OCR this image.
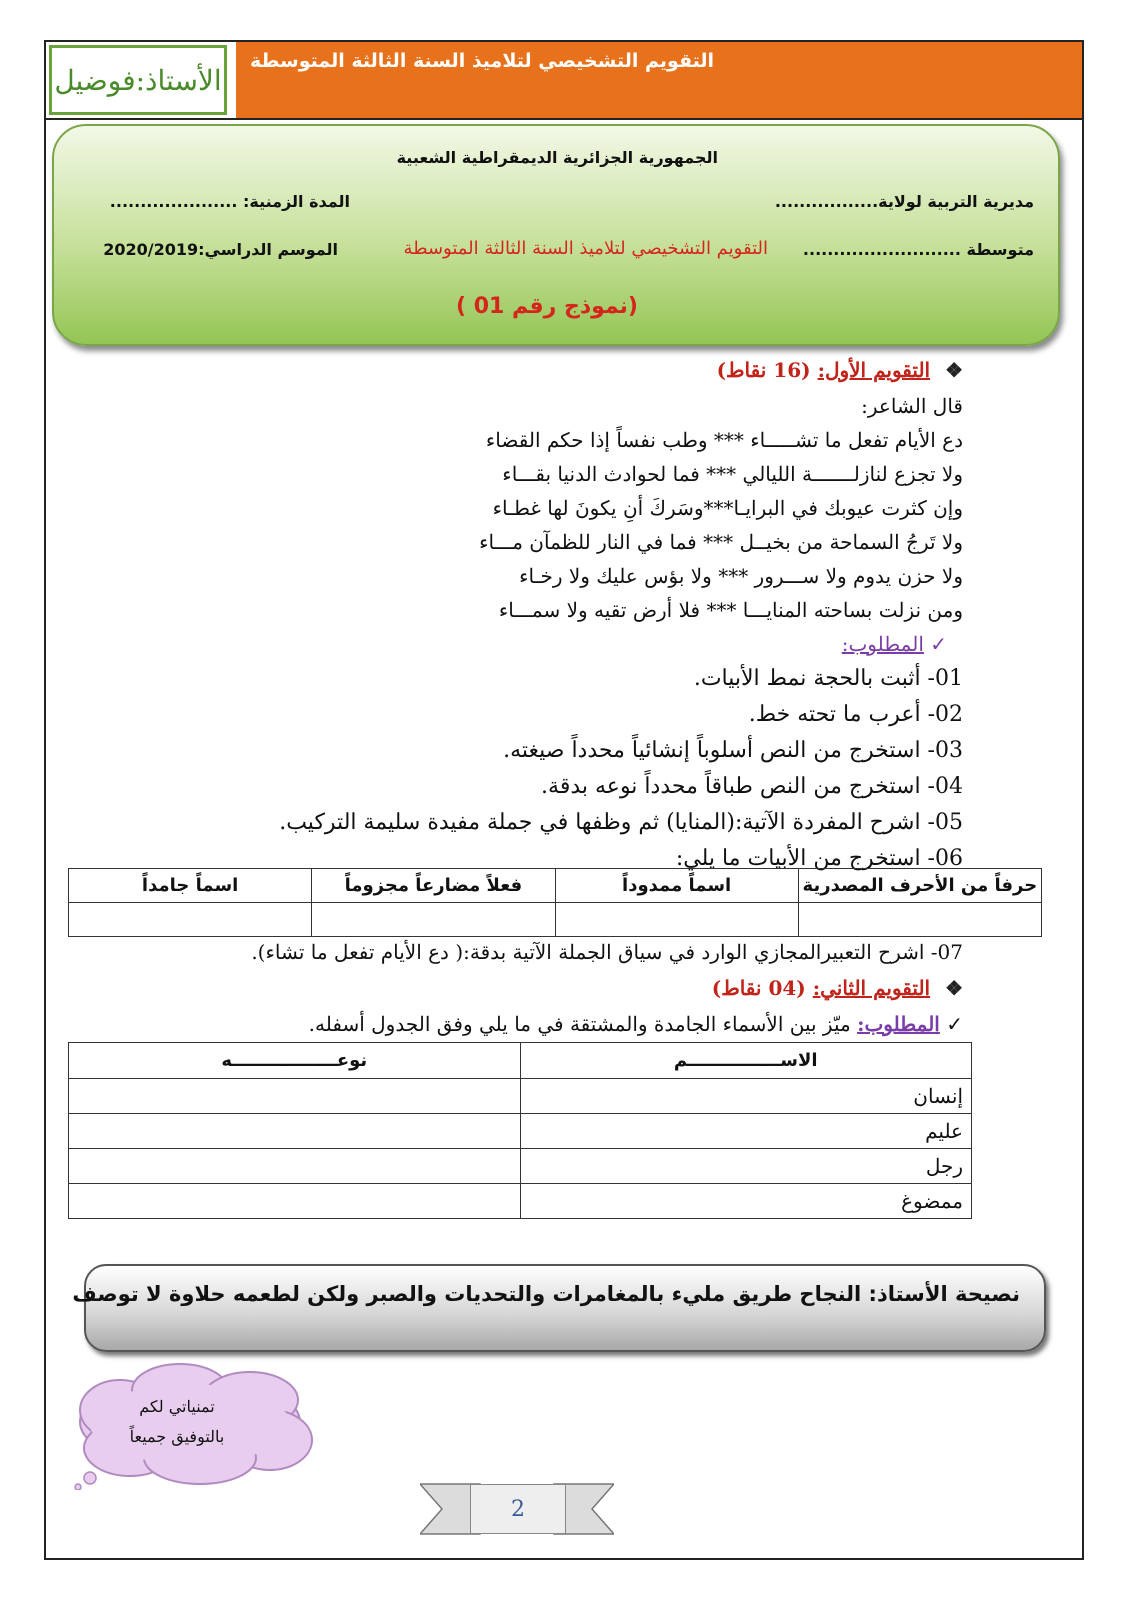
الأستاذ:فوضيل
التقويم التشخيصي لتلاميذ السنة الثالثة المتوسطة
الجمهورية الجزائرية الديمقراطية الشعبية
مديرية التربية لولاية.................
المدة الزمنية: .....................
متوسطة ..........................
التقويم التشخيصي لتلاميذ السنة الثالثة المتوسطة
الموسم الدراسي:2020/2019
(نموذج رقم 01 )
❖ التقويم الأول: (16 نقاط)
قال الشاعر:
دع الأيام تفعل ما تشـــــاء *** وطب نفساً إذا حكم القضاء
ولا تجزع لنازلـــــــة الليالي *** فما لحوادث الدنيا بقـــاء
وإن كثرت عيوبك في البرايـا***وسَركَ أنِ يكونَ لها غطـاء
ولا تَرجُ السماحة من بخيــل *** فما في النار للظمآن مـــاء
ولا حزن يدوم ولا ســـرور *** ولا بؤس عليك ولا رخـاء
ومن نزلت بساحته المنايـــا *** فلا أرض تقيه ولا سمـــاء
✓ المطلوب:
01- أثبت بالحجة نمط الأبيات.
02- أعرب ما تحته خط.
03- استخرج من النص أسلوباً إنشائياً محدداً صيغته.
04- استخرج من النص طباقاً محدداً نوعه بدقة.
05- اشرح المفردة الآتية:(المنايا) ثم وظفها في جملة مفيدة سليمة التركيب.
06- استخرج من الأبيات ما يلي:
حرفاً من الأحرف المصدرية	اسماً ممدوداً	فعلاً مضارعاً مجزوماً	اسماً جامداً

07- اشرح التعبيرالمجازي الوارد في سياق الجملة الآتية بدقة:( دع الأيام تفعل ما تشاء).
❖ التقويم الثاني: (04 نقاط)
✓ المطلوب: ميّز بين الأسماء الجامدة والمشتقة في ما يلي وفق الجدول أسفله.
الاســـــــــــــــم	نوعـــــــــــــــــه
إنسان	
عليم	
رجل	
ممضوغ	
نصيحة الأستاذ: النجاح طريق مليء بالمغامرات والتحديات والصبر ولكن لطعمه حلاوة لا توصف
تمنياتي لكم
بالتوفيق جميعاً
2
